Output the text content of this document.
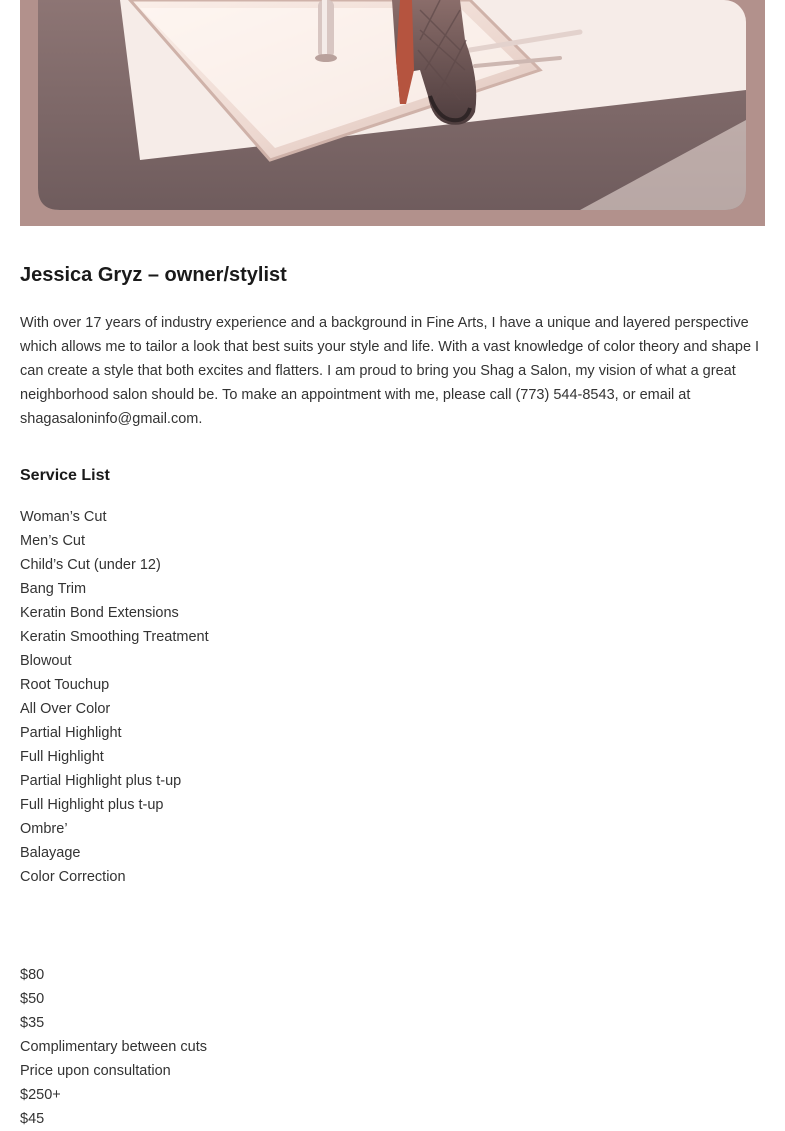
Jessica Gryz – owner/stylist

With over 17 years of industry experience and a background in Fine Arts, I have a unique and layered perspective which allows me to tailor a look that best suits your style and life. With a vast knowledge of color theory and shape I can create a style that both excites and flatters. I am proud to bring you Shag a Salon, my vision of what a great neighborhood salon should be. To make an appointment with me, please call (773) 544-8543, or email at shagasaloninfo@gmail.com.

Service List
Woman’s Cut
Men’s Cut
Child’s Cut (under 12)
Bang Trim
Keratin Bond Extensions
Keratin Smoothing Treatment
Blowout
Root Touchup
All Over Color
Partial Highlight
Full Highlight
Partial Highlight plus t-up
Full Highlight plus t-up
Ombre’
Balayage
Color Correction
$80
$50
$35
Complimentary between cuts
Price upon consultation
$250+
$45
